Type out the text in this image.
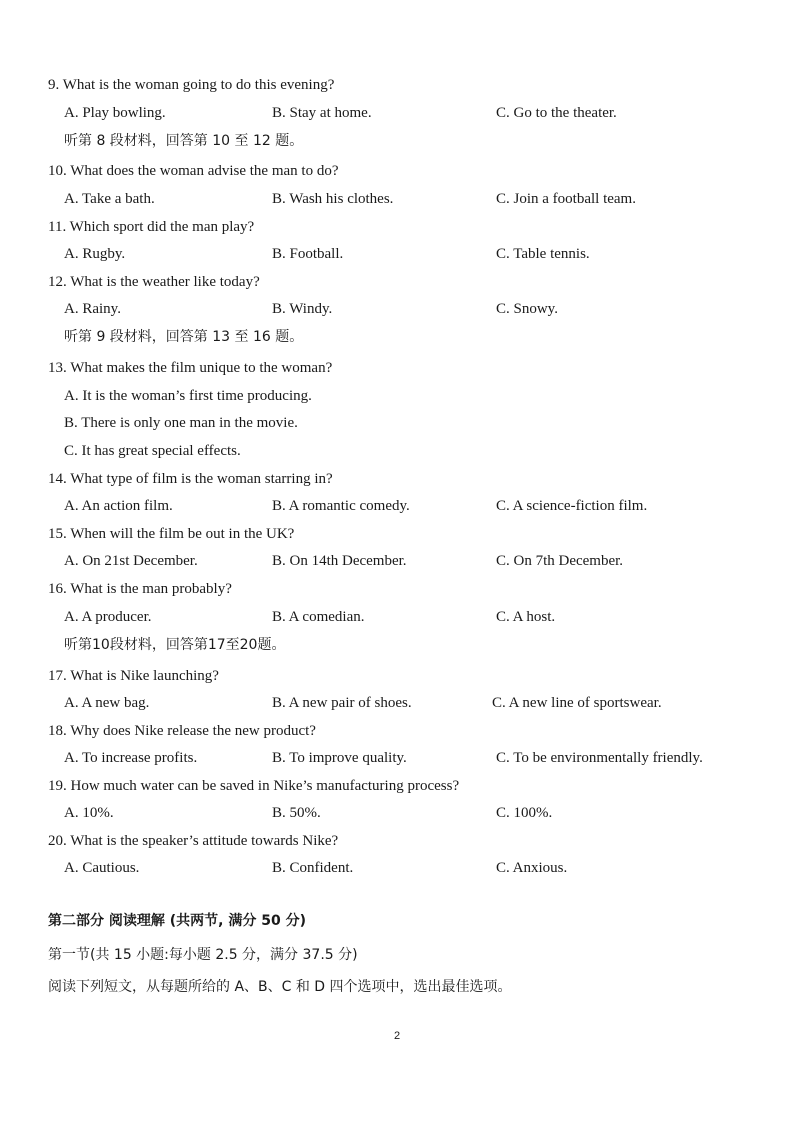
9. What is the woman going to do this evening?
A. Play bowling.	B. Stay at home.	C. Go to the theater.
听第 8 段材料，回答第 10 至 12 题。
10. What does the woman advise the man to do?
A. Take a bath.	B. Wash his clothes.	C. Join a football team.
11. Which sport did the man play?
A. Rugby.	B. Football.	C. Table tennis.
12. What is the weather like today?
A. Rainy.	B. Windy.	C. Snowy.
听第 9 段材料，回答第 13 至 16 题。
13. What makes the film unique to the woman?
A. It is the woman’s first time producing.
B. There is only one man in the movie.
C. It has great special effects.
14. What type of film is the woman starring in?
A. An action film.	B. A romantic comedy.	C. A science-fiction film.
15. When will the film be out in the UK?
A. On 21st December.	B. On 14th December.	C. On 7th December.
16. What is the man probably?
A. A producer.	B. A comedian.	C. A host.
听第10段材料，回答第17至20题。
17. What is Nike launching?
A. A new bag.	B. A new pair of shoes.	C. A new line of sportswear.
18. Why does Nike release the new product?
A. To increase profits.	B. To improve quality.	C. To be environmentally friendly.
19. How much water can be saved in Nike’s manufacturing process?
A. 10%.	B. 50%.	C. 100%.
20. What is the speaker’s attitude towards Nike?
A. Cautious.	B. Confident.	C. Anxious.
第二部分 阅读理解 (共两节, 满分 50 分)
第一节(共 15 小题:每小题 2.5 分，满分 37.5 分)
阅读下列短文，从每题所给的 A、B、C 和 D 四个选项中，选出最佳选项。
2
